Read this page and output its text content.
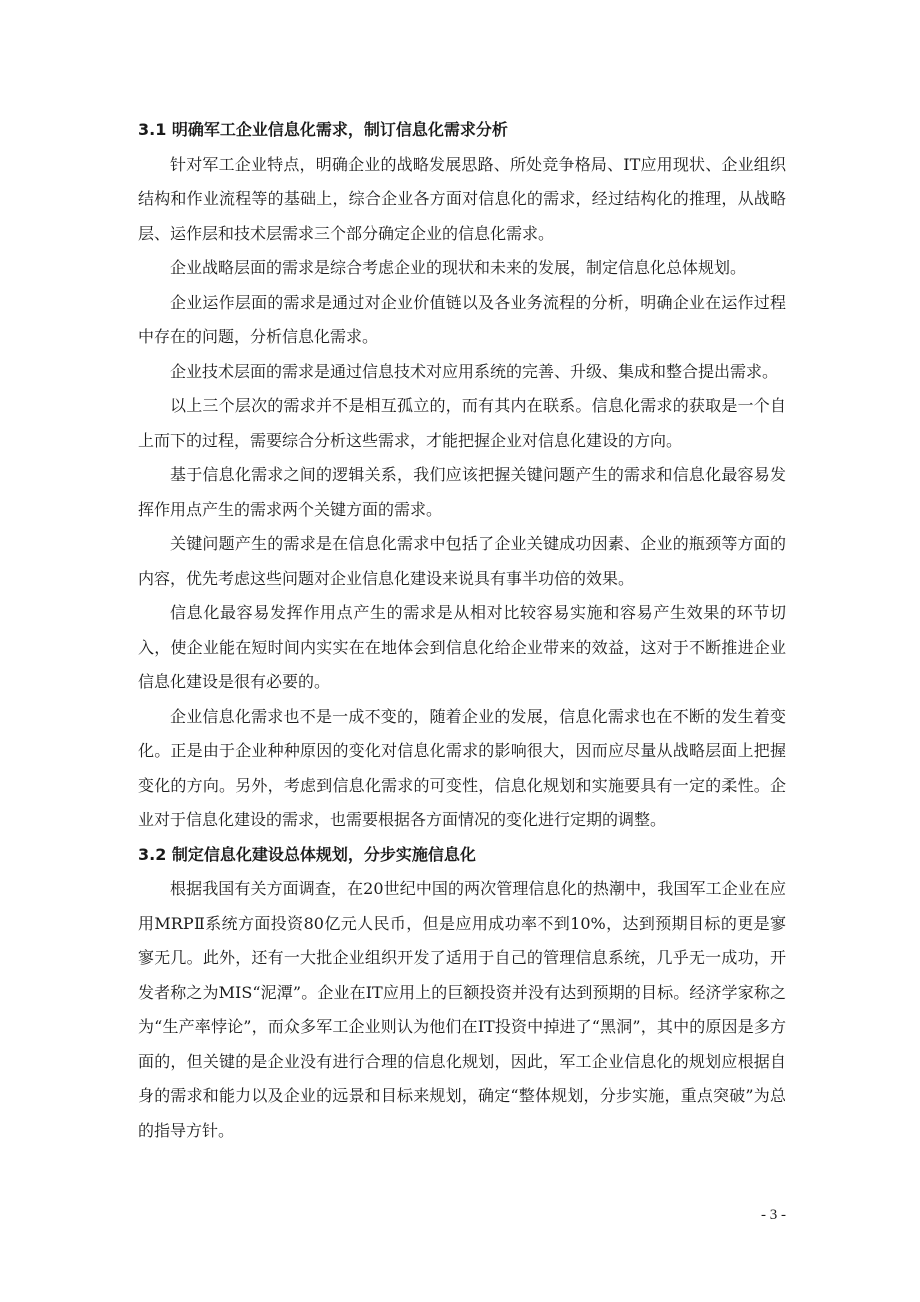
3.1 明确军工企业信息化需求，制订信息化需求分析

针对军工企业特点，明确企业的战略发展思路、所处竞争格局、IT应用现状、企业组织结构和作业流程等的基础上，综合企业各方面对信息化的需求，经过结构化的推理，从战略层、运作层和技术层需求三个部分确定企业的信息化需求。

企业战略层面的需求是综合考虑企业的现状和未来的发展，制定信息化总体规划。

企业运作层面的需求是通过对企业价值链以及各业务流程的分析，明确企业在运作过程中存在的问题，分析信息化需求。

企业技术层面的需求是通过信息技术对应用系统的完善、升级、集成和整合提出需求。

以上三个层次的需求并不是相互孤立的，而有其内在联系。信息化需求的获取是一个自上而下的过程，需要综合分析这些需求，才能把握企业对信息化建设的方向。

基于信息化需求之间的逻辑关系，我们应该把握关键问题产生的需求和信息化最容易发挥作用点产生的需求两个关键方面的需求。

关键问题产生的需求是在信息化需求中包括了企业关键成功因素、企业的瓶颈等方面的内容，优先考虑这些问题对企业信息化建设来说具有事半功倍的效果。

信息化最容易发挥作用点产生的需求是从相对比较容易实施和容易产生效果的环节切入，使企业能在短时间内实实在在地体会到信息化给企业带来的效益，这对于不断推进企业信息化建设是很有必要的。

企业信息化需求也不是一成不变的，随着企业的发展，信息化需求也在不断的发生着变化。正是由于企业种种原因的变化对信息化需求的影响很大，因而应尽量从战略层面上把握变化的方向。另外，考虑到信息化需求的可变性，信息化规划和实施要具有一定的柔性。企业对于信息化建设的需求，也需要根据各方面情况的变化进行定期的调整。

3.2 制定信息化建设总体规划，分步实施信息化

根据我国有关方面调查，在20世纪中国的两次管理信息化的热潮中，我国军工企业在应用MRPⅡ系统方面投资80亿元人民币，但是应用成功率不到10%，达到预期目标的更是寥寥无几。此外，还有一大批企业组织开发了适用于自己的管理信息系统，几乎无一成功，开发者称之为MIS“泥潭”。企业在IT应用上的巨额投资并没有达到预期的目标。经济学家称之为“生产率悖论”，而众多军工企业则认为他们在IT投资中掉进了“黑洞”，其中的原因是多方面的，但关键的是企业没有进行合理的信息化规划，因此，军工企业信息化的规划应根据自身的需求和能力以及企业的远景和目标来规划，确定“整体规划，分步实施，重点突破”为总的指导方针。

- 3 -
